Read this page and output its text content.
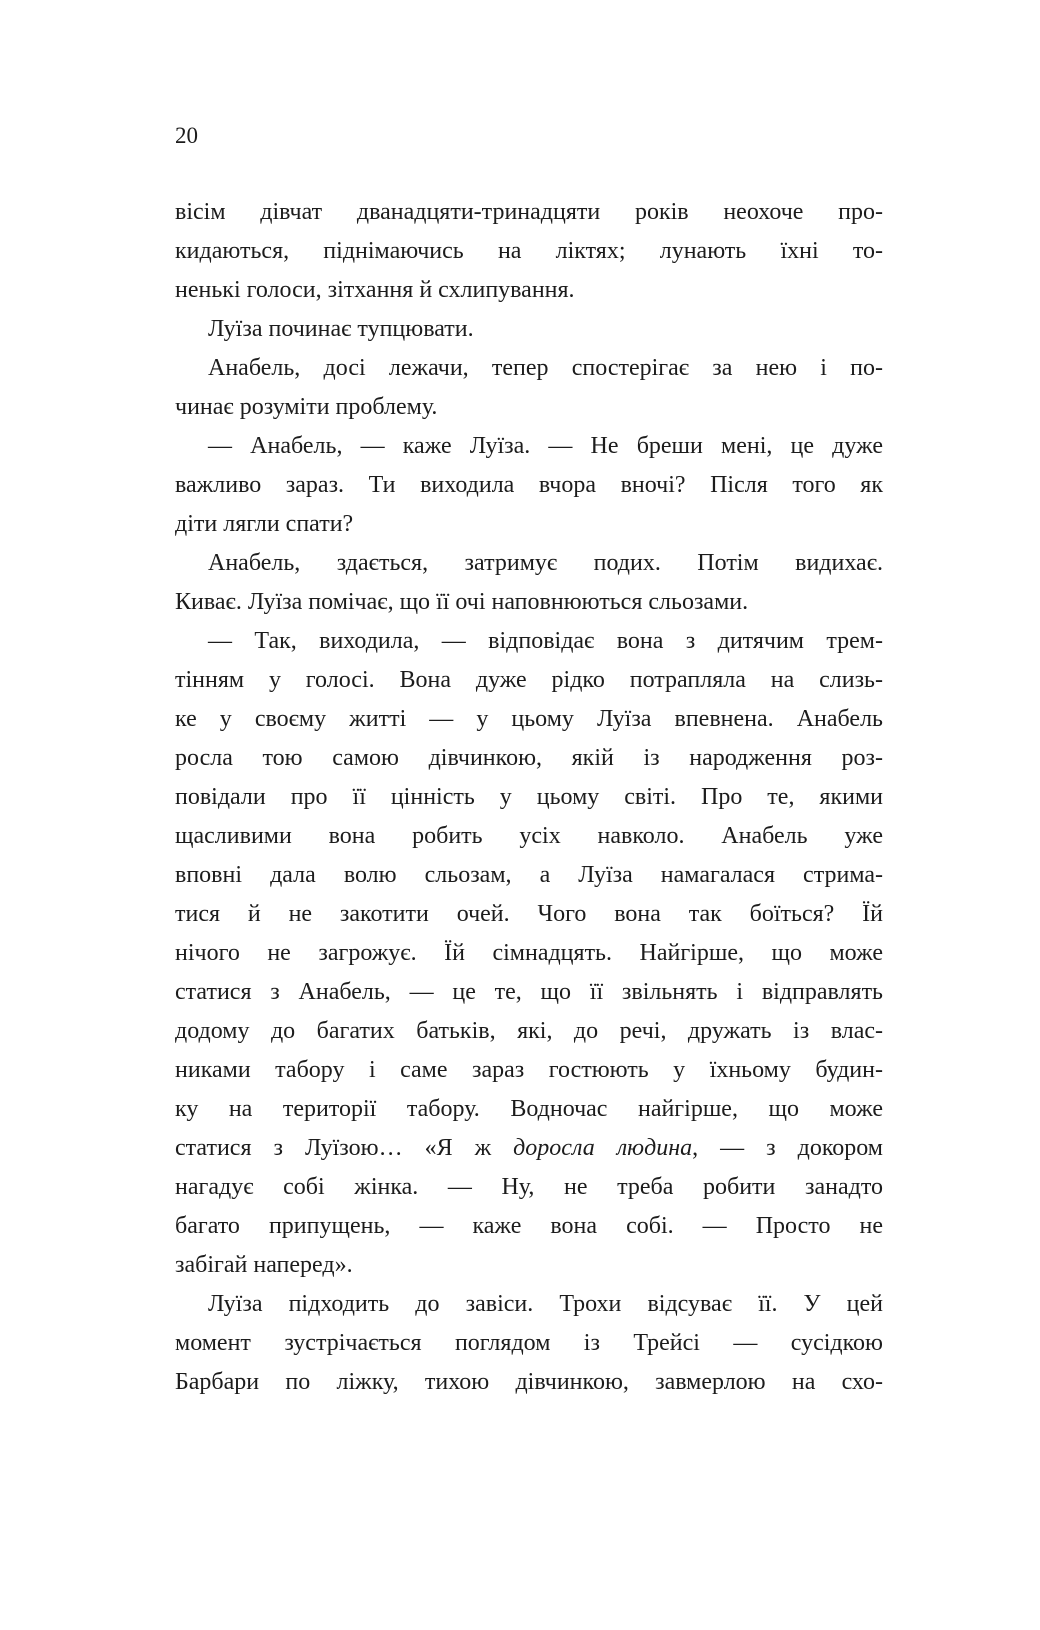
20
вісім дівчат дванадцяти-тринадцяти років неохоче про-
кидаються, піднімаючись на ліктях; лунають їхні то-
ненькі голоси, зітхання й схлипування.
Луїза починає тупцювати.
Анабель, досі лежачи, тепер спостерігає за нею і по-
чинає розуміти проблему.
— Анабель, — каже Луїза. — Не бреши мені, це дуже
важливо зараз. Ти виходила вчора вночі? Після того як
діти лягли спати?
Анабель, здається, затримує подих. Потім видихає.
Киває. Луїза помічає, що її очі наповнюються сльозами.
— Так, виходила, — відповідає вона з дитячим трем-
тінням у голосі. Вона дуже рідко потрапляла на слизь-
ке у своєму житті — у цьому Луїза впевнена. Анабель
росла тою самою дівчинкою, якій із народження роз-
повідали про її цінність у цьому світі. Про те, якими
щасливими вона робить усіх навколо. Анабель уже
вповні дала волю сльозам, а Луїза намагалася стрима-
тися й не закотити очей. Чого вона так боїться? Їй
нічого не загрожує. Їй сімнадцять. Найгірше, що може
статися з Анабель, — це те, що її звільнять і відправлять
додому до багатих батьків, які, до речі, дружать із влас-
никами табору і саме зараз гостюють у їхньому будин-
ку на території табору. Водночас найгірше, що може
статися з Луїзою… «Я ж доросла людина, — з докором
нагадує собі жінка. — Ну, не треба робити занадто
багато припущень, — каже вона собі. — Просто не
забігай наперед».
Луїза підходить до завіси. Трохи відсуває її. У цей
момент зустрічається поглядом із Трейсі — сусідкою
Барбари по ліжку, тихою дівчинкою, завмерлою на схо-
